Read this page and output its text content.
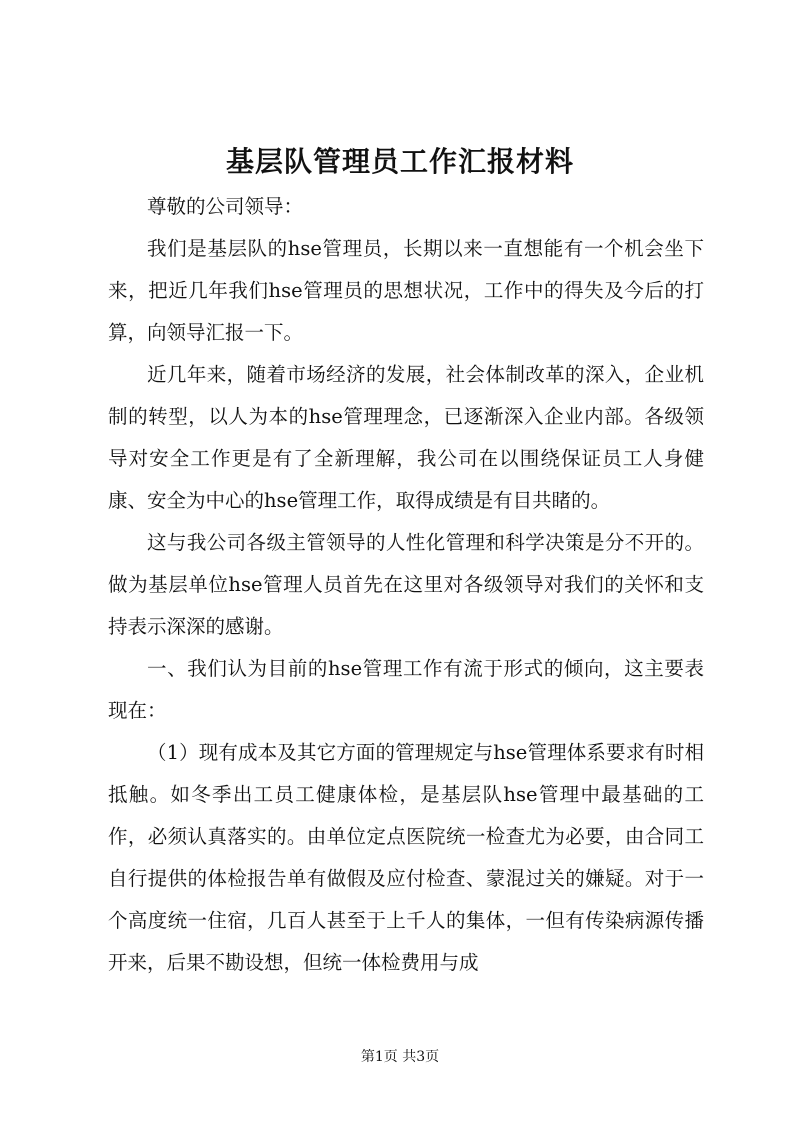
基层队管理员工作汇报材料

尊敬的公司领导：

我们是基层队的hse管理员，长期以来一直想能有一个机会坐下来，把近几年我们hse管理员的思想状况，工作中的得失及今后的打算，向领导汇报一下。

近几年来，随着市场经济的发展，社会体制改革的深入，企业机制的转型，以人为本的hse管理理念，已逐渐深入企业内部。各级领导对安全工作更是有了全新理解，我公司在以围绕保证员工人身健康、安全为中心的hse管理工作，取得成绩是有目共睹的。

这与我公司各级主管领导的人性化管理和科学决策是分不开的。做为基层单位hse管理人员首先在这里对各级领导对我们的关怀和支持表示深深的感谢。

一、我们认为目前的hse管理工作有流于形式的倾向，这主要表现在：

（1）现有成本及其它方面的管理规定与hse管理体系要求有时相抵触。如冬季出工员工健康体检，是基层队hse管理中最基础的工作，必须认真落实的。由单位定点医院统一检查尤为必要，由合同工自行提供的体检报告单有做假及应付检查、蒙混过关的嫌疑。对于一个高度统一住宿，几百人甚至于上千人的集体，一但有传染病源传播开来，后果不勘设想，但统一体检费用与成

第1页 共3页
